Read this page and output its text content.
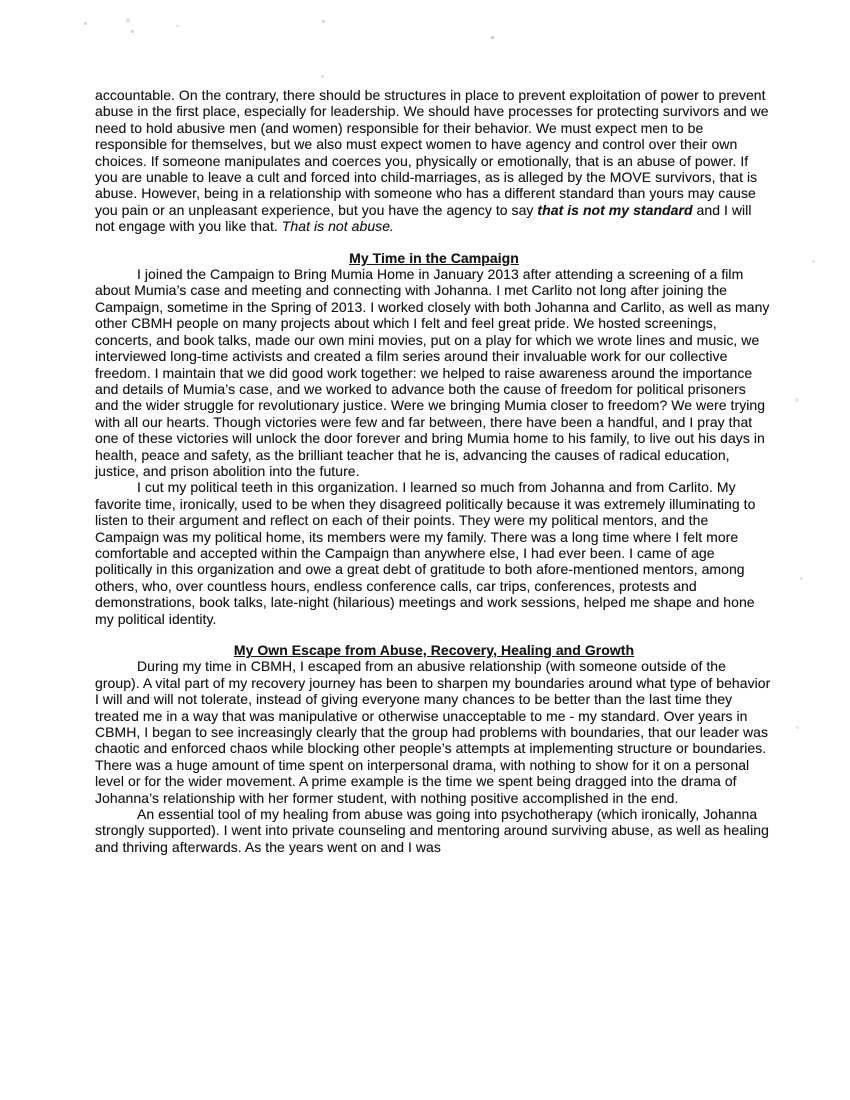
accountable. On the contrary, there should be structures in place to prevent exploitation of power to prevent abuse in the first place, especially for leadership. We should have processes for protecting survivors and we need to hold abusive men (and women) responsible for their behavior. We must expect men to be responsible for themselves, but we also must expect women to have agency and control over their own choices. If someone manipulates and coerces you, physically or emotionally, that is an abuse of power. If you are unable to leave a cult and forced into child-marriages, as is alleged by the MOVE survivors, that is abuse. However, being in a relationship with someone who has a different standard than yours may cause you pain or an unpleasant experience, but you have the agency to say that is not my standard and I will not engage with you like that. That is not abuse.

My Time in the Campaign

I joined the Campaign to Bring Mumia Home in January 2013 after attending a screening of a film about Mumia’s case and meeting and connecting with Johanna. I met Carlito not long after joining the Campaign, sometime in the Spring of 2013. I worked closely with both Johanna and Carlito, as well as many other CBMH people on many projects about which I felt and feel great pride. We hosted screenings, concerts, and book talks, made our own mini movies, put on a play for which we wrote lines and music, we interviewed long-time activists and created a film series around their invaluable work for our collective freedom. I maintain that we did good work together: we helped to raise awareness around the importance and details of Mumia’s case, and we worked to advance both the cause of freedom for political prisoners and the wider struggle for revolutionary justice. Were we bringing Mumia closer to freedom? We were trying with all our hearts. Though victories were few and far between, there have been a handful, and I pray that one of these victories will unlock the door forever and bring Mumia home to his family, to live out his days in health, peace and safety, as the brilliant teacher that he is, advancing the causes of radical education, justice, and prison abolition into the future.

I cut my political teeth in this organization. I learned so much from Johanna and from Carlito. My favorite time, ironically, used to be when they disagreed politically because it was extremely illuminating to listen to their argument and reflect on each of their points. They were my political mentors, and the Campaign was my political home, its members were my family. There was a long time where I felt more comfortable and accepted within the Campaign than anywhere else, I had ever been. I came of age politically in this organization and owe a great debt of gratitude to both afore-mentioned mentors, among others, who, over countless hours, endless conference calls, car trips, conferences, protests and demonstrations, book talks, late-night (hilarious) meetings and work sessions, helped me shape and hone my political identity.

My Own Escape from Abuse, Recovery, Healing and Growth

During my time in CBMH, I escaped from an abusive relationship (with someone outside of the group). A vital part of my recovery journey has been to sharpen my boundaries around what type of behavior I will and will not tolerate, instead of giving everyone many chances to be better than the last time they treated me in a way that was manipulative or otherwise unacceptable to me - my standard. Over years in CBMH, I began to see increasingly clearly that the group had problems with boundaries, that our leader was chaotic and enforced chaos while blocking other people’s attempts at implementing structure or boundaries. There was a huge amount of time spent on interpersonal drama, with nothing to show for it on a personal level or for the wider movement. A prime example is the time we spent being dragged into the drama of Johanna’s relationship with her former student, with nothing positive accomplished in the end.

An essential tool of my healing from abuse was going into psychotherapy (which ironically, Johanna strongly supported). I went into private counseling and mentoring around surviving abuse, as well as healing and thriving afterwards. As the years went on and I was
